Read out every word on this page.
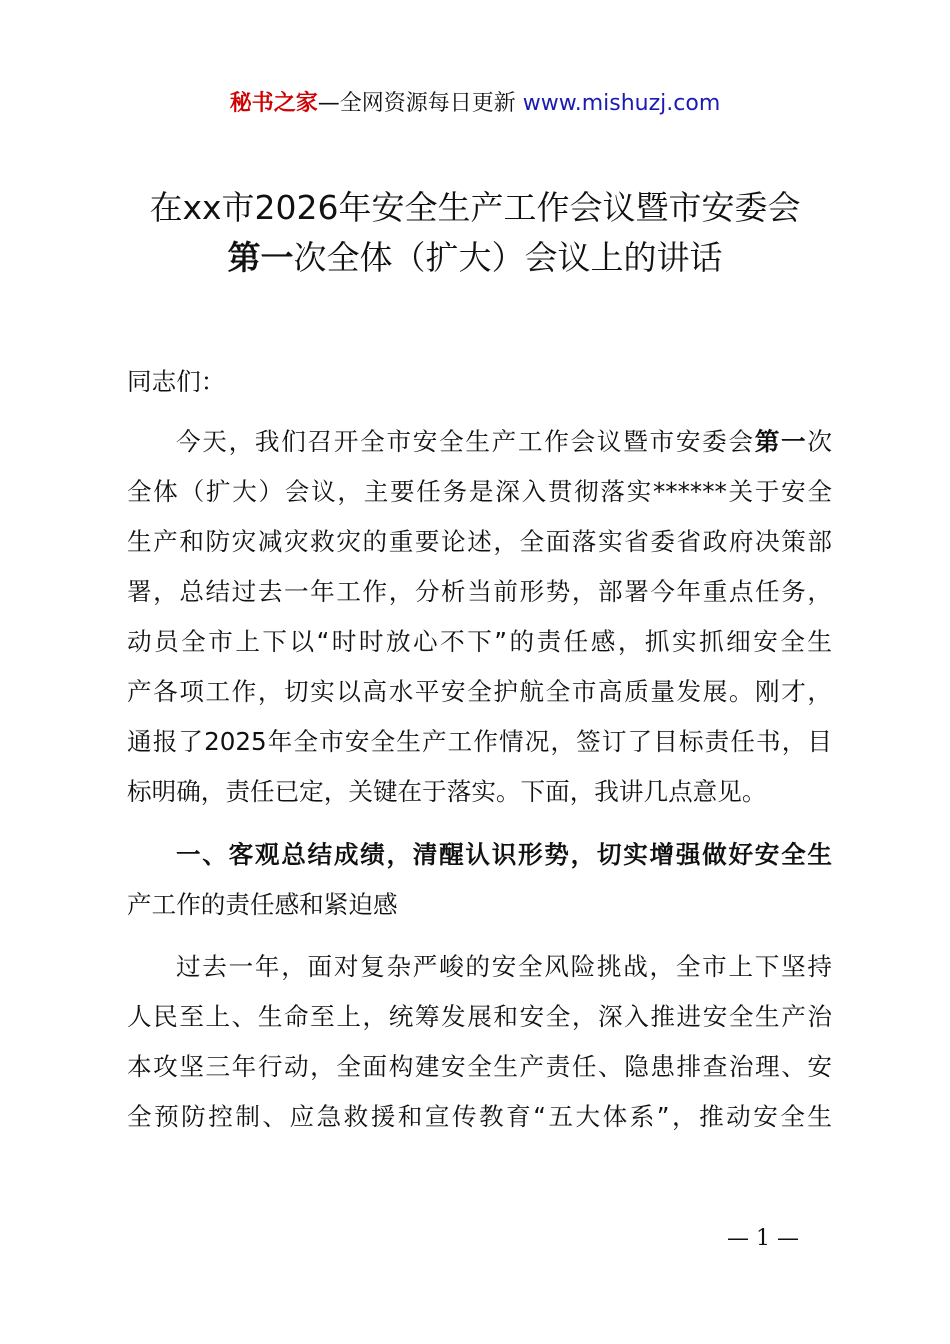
秘书之家—全网资源每日更新 www.mishuzj.com
在xx市2026年安全生产工作会议暨市安委会
第一次全体（扩大）会议上的讲话
同志们：
今天，我们召开全市安全生产工作会议暨市安委会第一次
全体（扩大）会议，主要任务是深入贯彻落实******关于安全
生产和防灾减灾救灾的重要论述，全面落实省委省政府决策部
署，总结过去一年工作，分析当前形势，部署今年重点任务，
动员全市上下以“时时放心不下”的责任感，抓实抓细安全生
产各项工作，切实以高水平安全护航全市高质量发展。刚才，
通报了2025年全市安全生产工作情况，签订了目标责任书，目
标明确，责任已定，关键在于落实。下面，我讲几点意见。
一、客观总结成绩，清醒认识形势，切实增强做好安全生
产工作的责任感和紧迫感
过去一年，面对复杂严峻的安全风险挑战，全市上下坚持
人民至上、生命至上，统筹发展和安全，深入推进安全生产治
本攻坚三年行动，全面构建安全生产责任、隐患排查治理、安
全预防控制、应急救援和宣传教育“五大体系”，推动安全生
— 1 —
